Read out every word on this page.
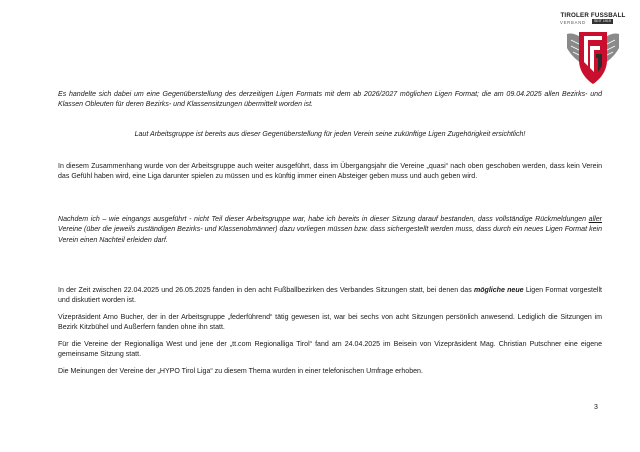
TIROLER FUSSBALL
VERBAND	SEIT 1919

Es handelte sich dabei um eine Gegenüberstellung des derzeitigen Ligen Formats mit dem ab 2026/2027 möglichen Ligen Format; die am 09.04.2025 allen Bezirks- und Klassen Obleuten für deren Bezirks- und Klassensitzungen übermittelt worden ist.

Laut Arbeitsgruppe ist bereits aus dieser Gegenüberstellung für jeden Verein seine zukünftige Ligen Zugehörigkeit ersichtlich!

In diesem Zusammenhang wurde von der Arbeitsgruppe auch weiter ausgeführt, dass im Übergangsjahr die Vereine „quasi“ nach oben geschoben werden, dass kein Verein das Gefühl haben wird, eine Liga darunter spielen zu müssen und es künftig immer einen Absteiger geben muss und auch geben wird.

Nachdem ich – wie eingangs ausgeführt - nicht Teil dieser Arbeitsgruppe war, habe ich bereits in dieser Sitzung darauf bestanden, dass vollständige Rückmeldungen aller Vereine (über die jeweils zuständigen Bezirks- und Klassenobmänner) dazu vorliegen müssen bzw. dass sichergestellt werden muss, dass durch ein neues Ligen Format kein Verein einen Nachteil erleiden darf.

In der Zeit zwischen 22.04.2025 und 26.05.2025 fanden in den acht Fußballbezirken des Verbandes Sitzungen statt, bei denen das mögliche neue Ligen Format vorgestellt und diskutiert worden ist.

Vizepräsident Arno Bucher, der in der Arbeitsgruppe „federführend“ tätig gewesen ist, war bei sechs von acht Sitzungen persönlich anwesend. Lediglich die Sitzungen im Bezirk Kitzbühel und Außerfern fanden ohne ihn statt.

Für die Vereine der Regionalliga West und jene der „tt.com Regionalliga Tirol“ fand am 24.04.2025 im Beisein von Vizepräsident Mag. Christian Putschner eine eigene gemeinsame Sitzung statt.

Die Meinungen der Vereine der „HYPO Tirol Liga“ zu diesem Thema wurden in einer telefonischen Umfrage erhoben.

3
